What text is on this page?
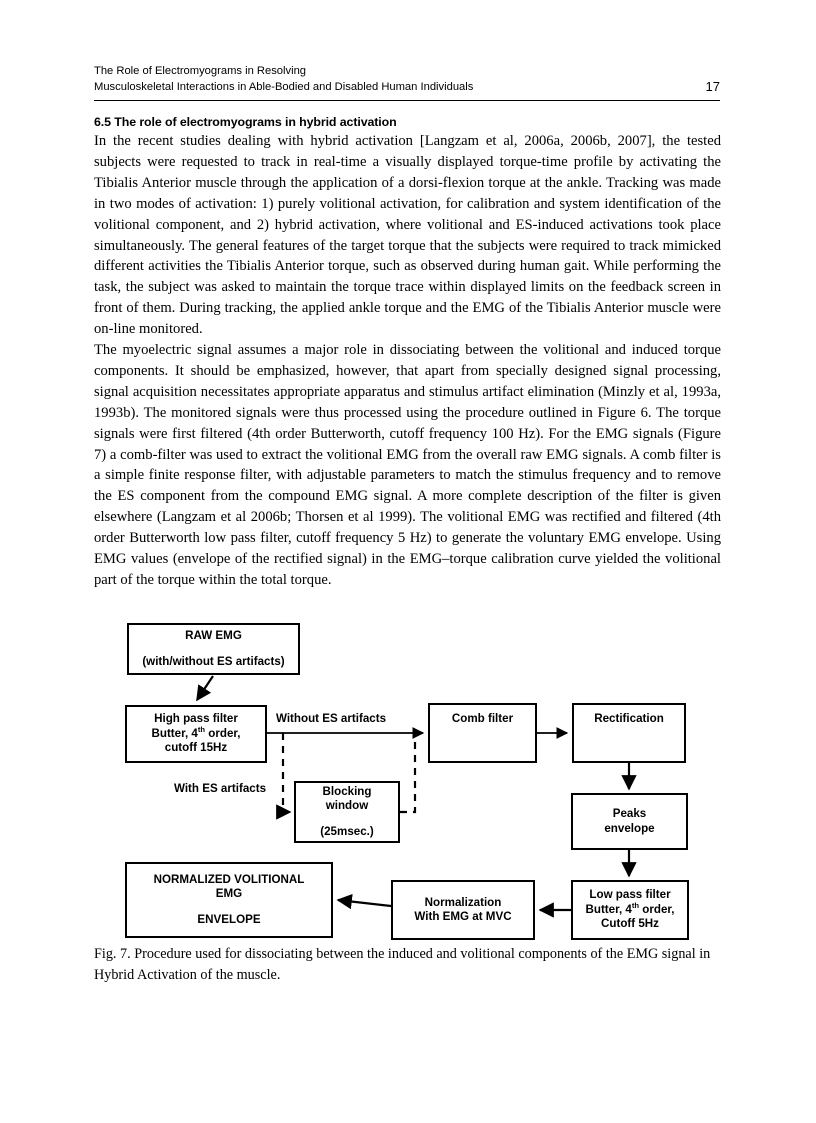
The Role of Electromyograms in Resolving
Musculoskeletal Interactions in Able-Bodied and Disabled Human Individuals	17
6.5 The role of electromyograms in hybrid activation
In the recent studies dealing with hybrid activation [Langzam et al, 2006a, 2006b, 2007], the tested subjects were requested to track in real-time a visually displayed torque-time profile by activating the Tibialis Anterior muscle through the application of a dorsi-flexion torque at the ankle. Tracking was made in two modes of activation: 1) purely volitional activation, for calibration and system identification of the volitional component, and 2) hybrid activation, where volitional and ES-induced activations took place simultaneously. The general features of the target torque that the subjects were required to track mimicked different activities the Tibialis Anterior torque, such as observed during human gait. While performing the task, the subject was asked to maintain the torque trace within displayed limits on the feedback screen in front of them. During tracking, the applied ankle torque and the EMG of the Tibialis Anterior muscle were on-line monitored.
The myoelectric signal assumes a major role in dissociating between the volitional and induced torque components. It should be emphasized, however, that apart from specially designed signal processing, signal acquisition necessitates appropriate apparatus and stimulus artifact elimination (Minzly et al, 1993a, 1993b). The monitored signals were thus processed using the procedure outlined in Figure 6. The torque signals were first filtered (4th order Butterworth, cutoff frequency 100 Hz). For the EMG signals (Figure 7) a comb-filter was used to extract the volitional EMG from the overall raw EMG signals. A comb filter is a simple finite response filter, with adjustable parameters to match the stimulus frequency and to remove the ES component from the compound EMG signal. A more complete description of the filter is given elsewhere (Langzam et al 2006b; Thorsen et al 1999). The volitional EMG was rectified and filtered (4th order Butterworth low pass filter, cutoff frequency 5 Hz) to generate the voluntary EMG envelope. Using EMG values (envelope of the rectified signal) in the EMG–torque calibration curve yielded the volitional part of the torque within the total torque.
RAW EMG
(with/without ES artifacts)
High pass filter
Butter, 4th order,
cutoff 15Hz
Blocking
window
(25msec.)
Comb filter	Rectification
Peaks
envelope
Low pass filter
Butter, 4th order,
Cutoff 5Hz
Normalization
With EMG at MVC
NORMALIZED VOLITIONAL
EMG
ENVELOPE
Without ES artifacts
With ES artifacts
Fig. 7. Procedure used for dissociating between the induced and volitional components of the EMG signal in Hybrid Activation of the muscle.
